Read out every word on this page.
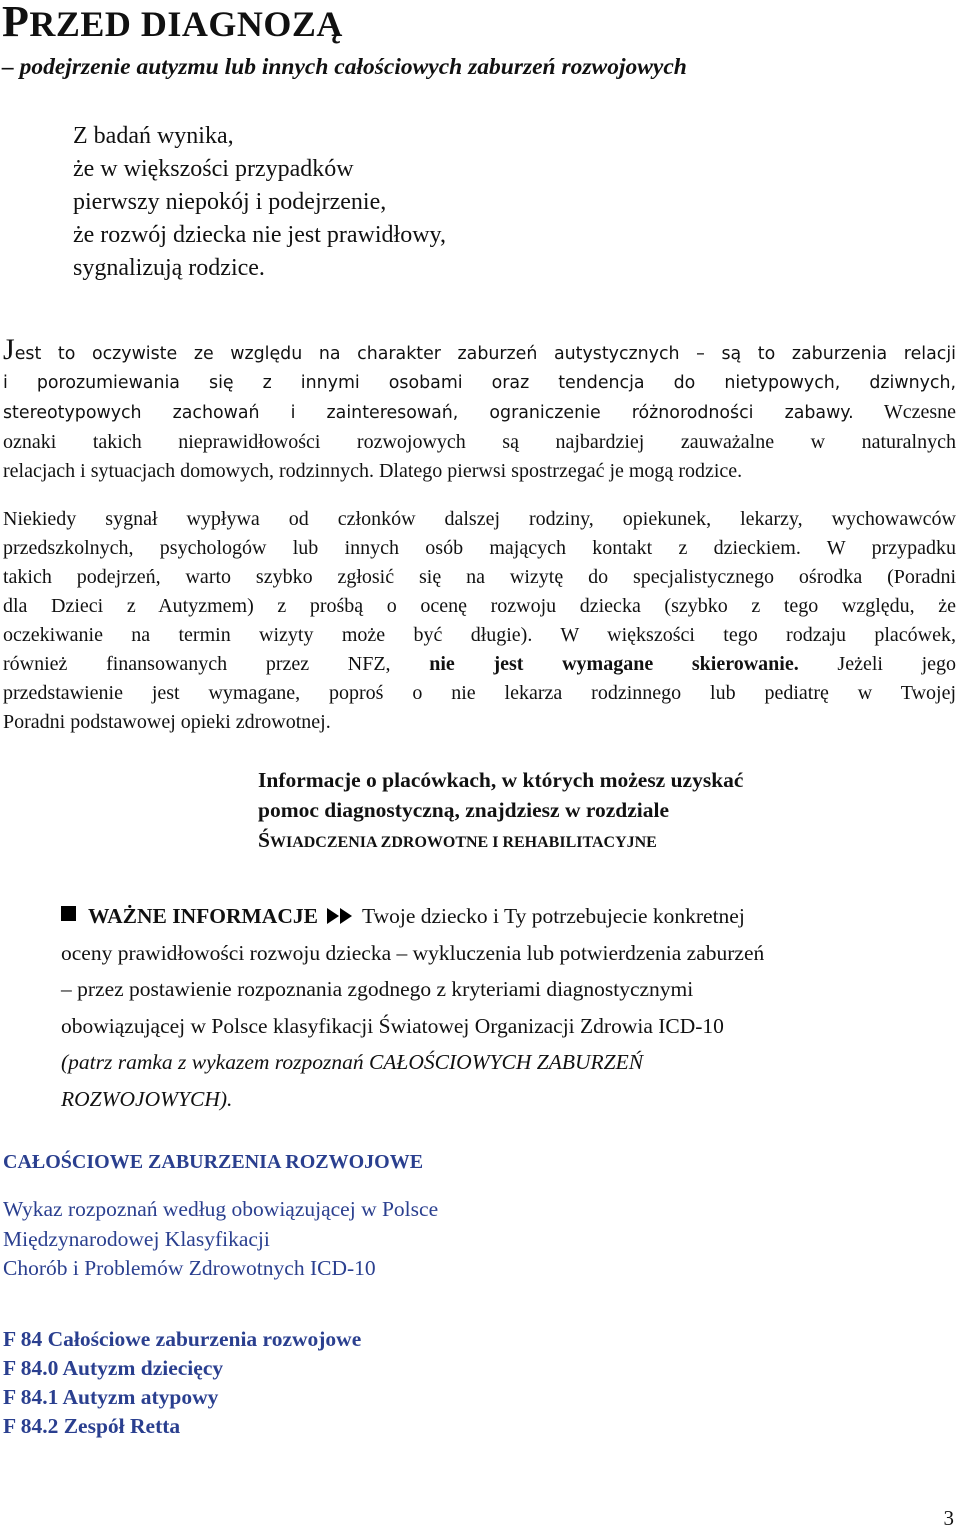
PRZED DIAGNOZĄ
– podejrzenie autyzmu lub innych całościowych zaburzeń rozwojowych
Z badań wynika,
że w większości przypadków
pierwszy niepokój i podejrzenie,
że rozwój dziecka nie jest prawidłowy,
sygnalizują rodzice.
Jest to oczywiste ze względu na charakter zaburzeń autystycznych – są to zaburzenia relacji
i porozumiewania się z innymi osobami oraz tendencja do nietypowych, dziwnych,
stereotypowych zachowań i zainteresowań, ograniczenie różnorodności zabawy. Wczesne
oznaki takich nieprawidłowości rozwojowych są najbardziej zauważalne w naturalnych
relacjach i sytuacjach domowych, rodzinnych. Dlatego pierwsi spostrzegać je mogą rodzice.
Niekiedy sygnał wypływa od członków dalszej rodziny, opiekunek, lekarzy, wychowawców
przedszkolnych, psychologów lub innych osób mających kontakt z dzieckiem. W przypadku
takich podejrzeń, warto szybko zgłosić się na wizytę do specjalistycznego ośrodka (Poradni
dla Dzieci z Autyzmem) z prośbą o ocenę rozwoju dziecka (szybko z tego względu, że
oczekiwanie na termin wizyty może być długie). W większości tego rodzaju placówek,
również finansowanych przez NFZ, nie jest wymagane skierowanie. Jeżeli jego
przedstawienie jest wymagane, poproś o nie lekarza rodzinnego lub pediatrę w Twojej
Poradni podstawowej opieki zdrowotnej.
Informacje o placówkach, w których możesz uzyskać
pomoc diagnostyczną, znajdziesz w rozdziale
ŚWIADCZENIA ZDROWOTNE I REHABILITACYJNE
WAŻNE INFORMACJE Twoje dziecko i Ty potrzebujecie konkretnej
oceny prawidłowości rozwoju dziecka – wykluczenia lub potwierdzenia zaburzeń
– przez postawienie rozpoznania zgodnego z kryteriami diagnostycznymi
obowiązującej w Polsce klasyfikacji Światowej Organizacji Zdrowia ICD-10
(patrz ramka z wykazem rozpoznań CAŁOŚCIOWYCH ZABURZEŃ
ROZWOJOWYCH).
CAŁOŚCIOWE ZABURZENIA ROZWOJOWE
Wykaz rozpoznań według obowiązującej w Polsce
Międzynarodowej Klasyfikacji
Chorób i Problemów Zdrowotnych ICD-10
F 84 Całościowe zaburzenia rozwojowe
F 84.0 Autyzm dziecięcy
F 84.1 Autyzm atypowy
F 84.2 Zespół Retta
3
